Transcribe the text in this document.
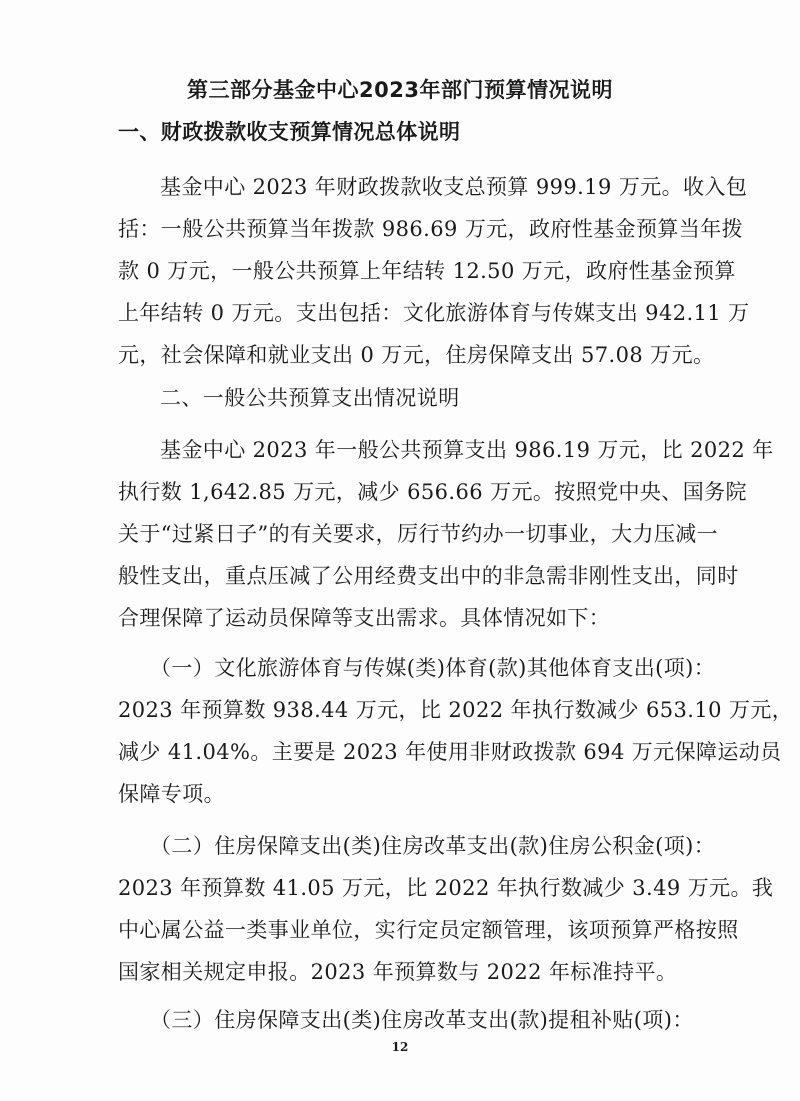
第三部分基金中心2023年部门预算情况说明
一、财政拨款收支预算情况总体说明
基金中心 2023 年财政拨款收支总预算 999.19 万元。收入包
括：一般公共预算当年拨款 986.69 万元，政府性基金预算当年拨
款 0 万元，一般公共预算上年结转 12.50 万元，政府性基金预算
上年结转 0 万元。支出包括：文化旅游体育与传媒支出 942.11 万
元，社会保障和就业支出 0 万元，住房保障支出 57.08 万元。
二、一般公共预算支出情况说明
基金中心 2023 年一般公共预算支出 986.19 万元，比 2022 年
执行数 1,642.85 万元，减少 656.66 万元。按照党中央、国务院
关于“过紧日子”的有关要求，厉行节约办一切事业，大力压减一
般性支出，重点压减了公用经费支出中的非急需非刚性支出，同时
合理保障了运动员保障等支出需求。具体情况如下：
（一）文化旅游体育与传媒(类)体育(款)其他体育支出(项)：
2023 年预算数 938.44 万元，比 2022 年执行数减少 653.10 万元，
减少 41.04%。主要是 2023 年使用非财政拨款 694 万元保障运动员
保障专项。
（二）住房保障支出(类)住房改革支出(款)住房公积金(项)：
2023 年预算数 41.05 万元，比 2022 年执行数减少 3.49 万元。我
中心属公益一类事业单位，实行定员定额管理，该项预算严格按照
国家相关规定申报。2023 年预算数与 2022 年标准持平。
（三）住房保障支出(类)住房改革支出(款)提租补贴(项)：
12
